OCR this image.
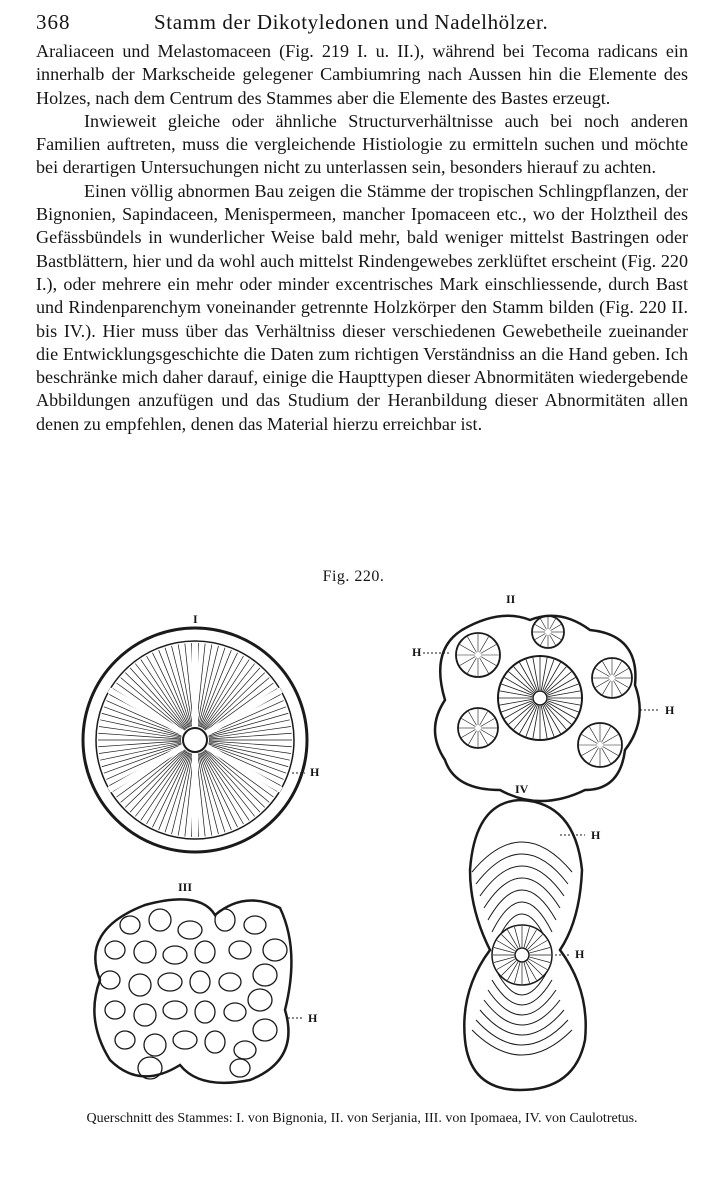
368	Stamm der Dikotyledonen und Nadelhölzer.

Araliaceen und Melastomaceen (Fig. 219 I. u. II.), während bei Tecoma radicans ein innerhalb der Markscheide gelegener Cambiumring nach Aussen hin die Elemente des Holzes, nach dem Centrum des Stammes aber die Elemente des Bastes erzeugt.

Inwieweit gleiche oder ähnliche Structurverhältnisse auch bei noch anderen Familien auftreten, muss die vergleichende Histiologie zu ermitteln suchen und möchte bei derartigen Untersuchungen nicht zu unterlassen sein, besonders hierauf zu achten.

Einen völlig abnormen Bau zeigen die Stämme der tropischen Schlingpflanzen, der Bignonien, Sapindaceen, Menispermeen, mancher Ipomaceen etc., wo der Holztheil des Gefässbündels in wunderlicher Weise bald mehr, bald weniger mittelst Bastringen oder Bastblättern, hier und da wohl auch mittelst Rindengewebes zerklüftet erscheint (Fig. 220 I.), oder mehrere ein mehr oder minder excentrisches Mark einschliessende, durch Bast und Rindenparenchym voneinander getrennte Holzkörper den Stamm bilden (Fig. 220 II. bis IV.). Hier muss über das Verhältniss dieser verschiedenen Gewebetheile zueinander die Entwicklungsgeschichte die Daten zum richtigen Verständniss an die Hand geben. Ich beschränke mich daher darauf, einige die Haupttypen dieser Abnormitäten wiedergebende Abbildungen anzufügen und das Studium der Heranbildung dieser Abnormitäten allen denen zu empfehlen, denen das Material hierzu erreichbar ist.

Fig. 220.
I
H
II
H
H
III
H
IV
H
H
Querschnitt des Stammes: I. von Bignonia, II. von Serjania, III. von Ipomaea, IV. von Caulotretus.
